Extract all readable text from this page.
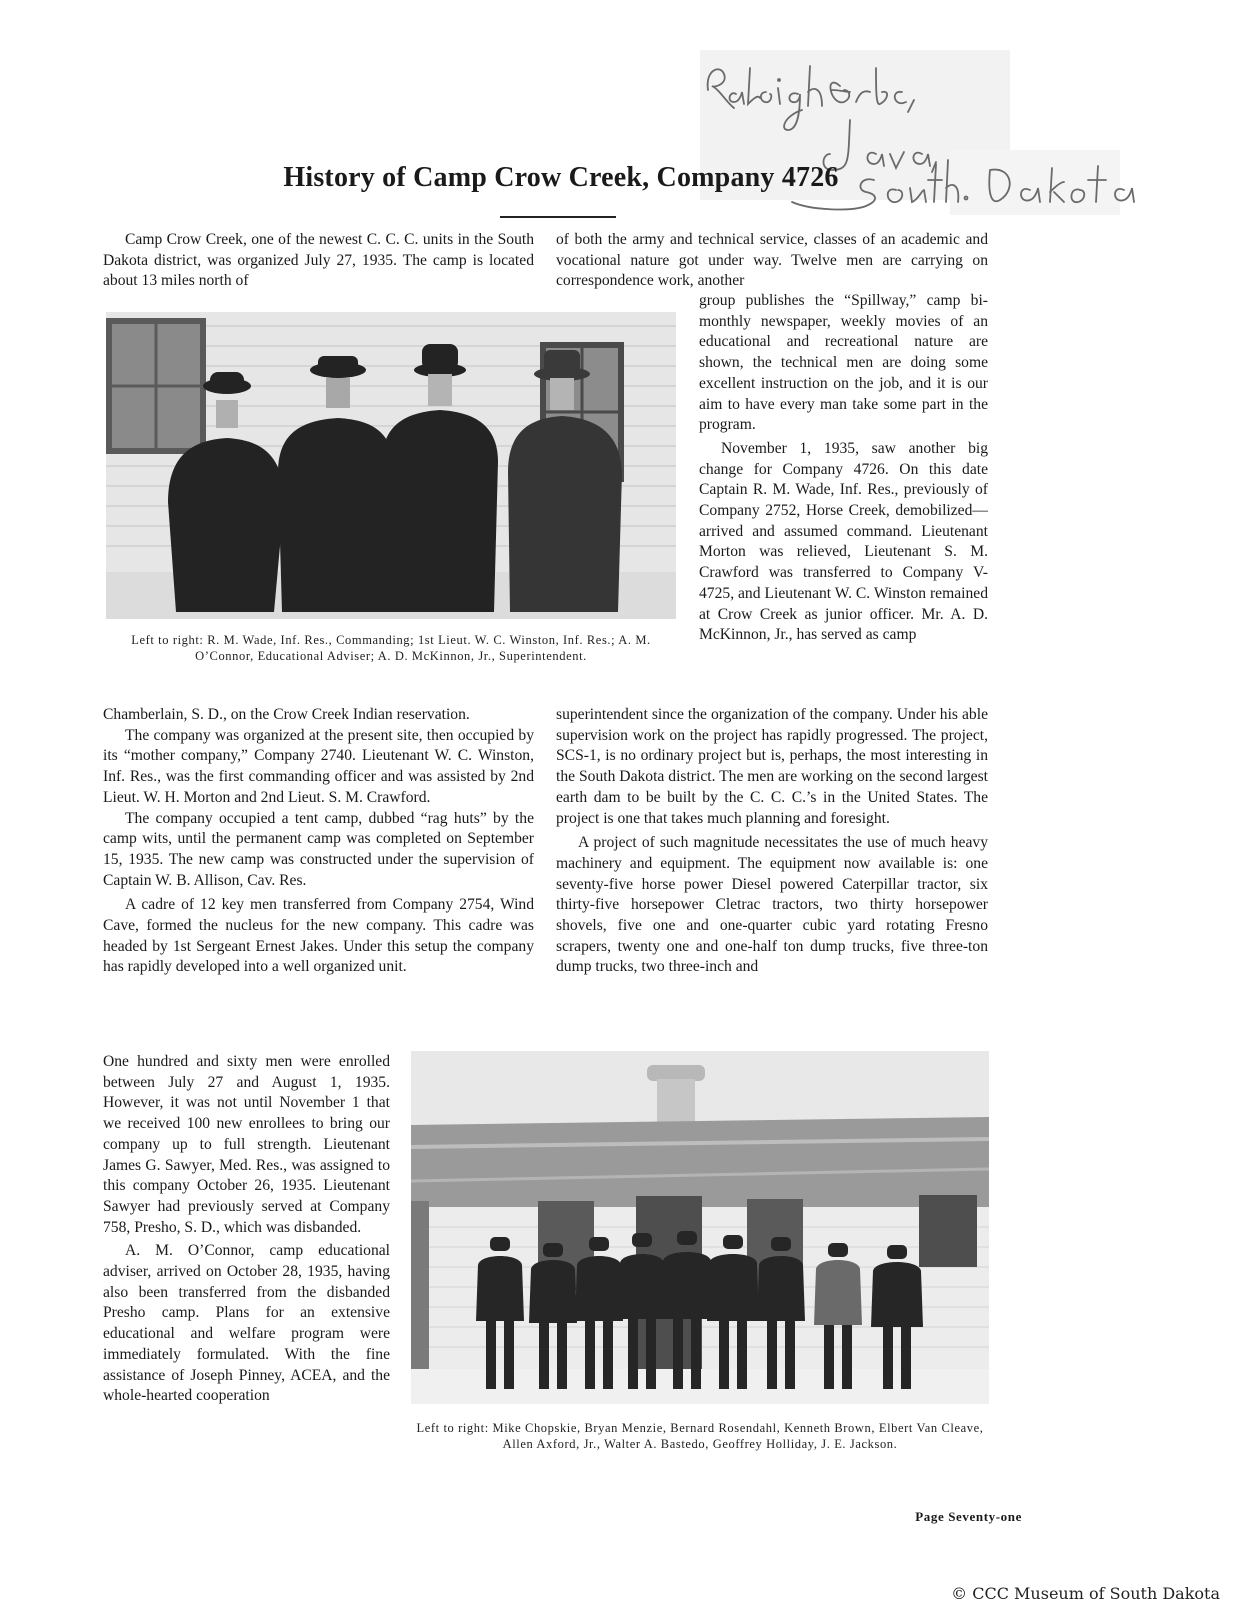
History of Camp Crow Creek, Company 4726

Camp Crow Creek, one of the newest C. C. C. units in the South Dakota district, was organized July 27, 1935. The camp is located about 13 miles north of

of both the army and technical service, classes of an academic and vocational nature got under way. Twelve men are carrying on correspondence work, another

Left to right: R. M. Wade, Inf. Res., Commanding; 1st Lieut. W. C. Winston, Inf. Res.; A. M. O’Connor, Educational Adviser; A. D. McKinnon, Jr., Superintendent.

group publishes the “Spillway,” camp bi-monthly newspaper, weekly movies of an educational and recreational nature are shown, the technical men are doing some excellent instruction on the job, and it is our aim to have every man take some part in the program.

November 1, 1935, saw another big change for Company 4726. On this date Captain R. M. Wade, Inf. Res., previously of Company 2752, Horse Creek, demobilized—arrived and assumed command. Lieutenant Morton was relieved, Lieutenant S. M. Crawford was transferred to Company V-4725, and Lieutenant W. C. Winston remained at Crow Creek as junior officer. Mr. A. D. McKinnon, Jr., has served as camp

Chamberlain, S. D., on the Crow Creek Indian reservation.

The company was organized at the present site, then occupied by its “mother company,” Company 2740. Lieutenant W. C. Winston, Inf. Res., was the first commanding officer and was assisted by 2nd Lieut. W. H. Morton and 2nd Lieut. S. M. Crawford.

The company occupied a tent camp, dubbed “rag huts” by the camp wits, until the permanent camp was completed on September 15, 1935. The new camp was constructed under the supervision of Captain W. B. Allison, Cav. Res.

A cadre of 12 key men transferred from Company 2754, Wind Cave, formed the nucleus for the new company. This cadre was headed by 1st Sergeant Ernest Jakes. Under this setup the company has rapidly developed into a well organized unit.

superintendent since the organization of the company. Under his able supervision work on the project has rapidly progressed. The project, SCS-1, is no ordinary project but is, perhaps, the most interesting in the South Dakota district. The men are working on the second largest earth dam to be built by the C. C. C.’s in the United States. The project is one that takes much planning and foresight.

A project of such magnitude necessitates the use of much heavy machinery and equipment. The equipment now available is: one seventy-five horse power Diesel powered Caterpillar tractor, six thirty-five horsepower Cletrac tractors, two thirty horsepower shovels, five one and one-quarter cubic yard rotating Fresno scrapers, twenty one and one-half ton dump trucks, five three-ton dump trucks, two three-inch and

One hundred and sixty men were enrolled between July 27 and August 1, 1935. However, it was not until November 1 that we received 100 new enrollees to bring our company up to full strength. Lieutenant James G. Sawyer, Med. Res., was assigned to this company October 26, 1935. Lieutenant Sawyer had previously served at Company 758, Presho, S. D., which was disbanded.

A. M. O’Connor, camp educational adviser, arrived on October 28, 1935, having also been transferred from the disbanded Presho camp. Plans for an extensive educational and welfare program were immediately formulated. With the fine assistance of Joseph Pinney, ACEA, and the whole-hearted cooperation

Left to right: Mike Chopskie, Bryan Menzie, Bernard Rosendahl, Kenneth Brown, Elbert Van Cleave, Allen Axford, Jr., Walter A. Bastedo, Geoffrey Holliday, J. E. Jackson.
Page Seventy-one
© CCC Museum of South Dakota
